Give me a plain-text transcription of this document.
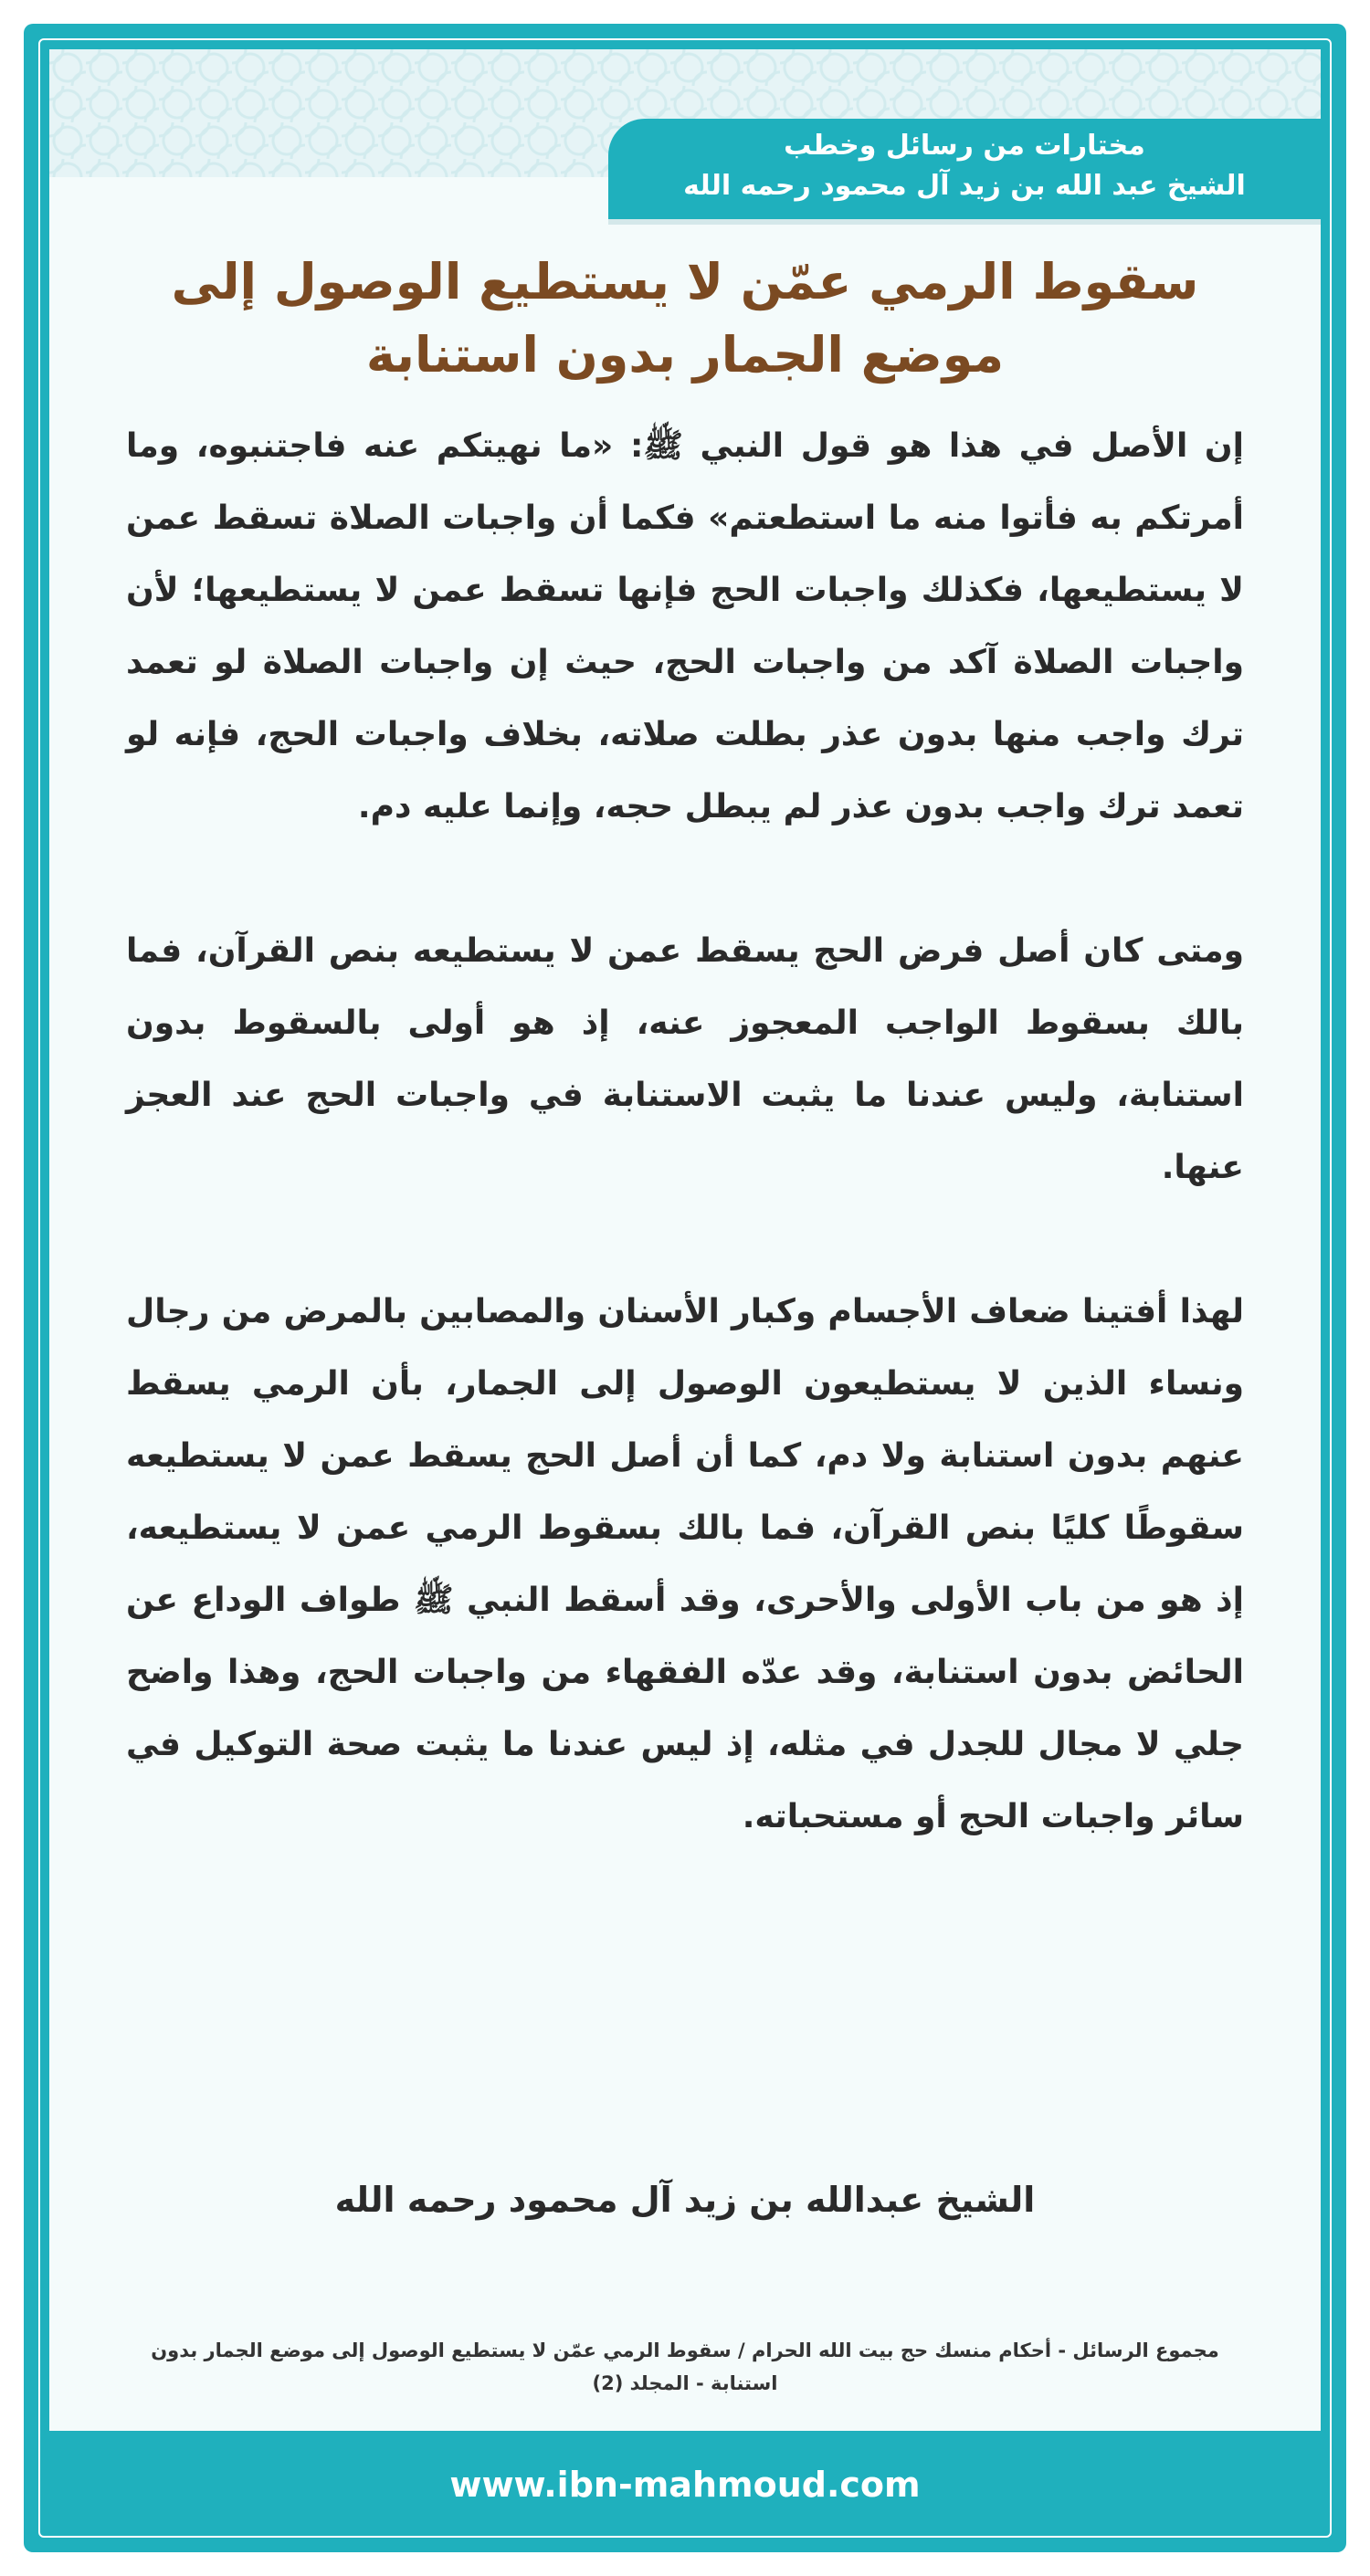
مختارات من رسائل وخطب
الشيخ عبد الله بن زيد آل محمود رحمه الله
سقوط الرمي عمّن لا يستطيع الوصول إلى موضع الجمار بدون استنابة

إن الأصل في هذا هو قول النبي ﷺ: «ما نهيتكم عنه فاجتنبوه، وما أمرتكم به فأتوا منه ما استطعتم» فكما أن واجبات الصلاة تسقط عمن لا يستطيعها، فكذلك واجبات الحج فإنها تسقط عمن لا يستطيعها؛ لأن واجبات الصلاة آكد من واجبات الحج، حيث إن واجبات الصلاة لو تعمد ترك واجب منها بدون عذر بطلت صلاته، بخلاف واجبات الحج، فإنه لو تعمد ترك واجب بدون عذر لم يبطل حجه، وإنما عليه دم.

ومتى كان أصل فرض الحج يسقط عمن لا يستطيعه بنص القرآن، فما بالك بسقوط الواجب المعجوز عنه، إذ هو أولى بالسقوط بدون استنابة، وليس عندنا ما يثبت الاستنابة في واجبات الحج عند العجز عنها.

لهذا أفتينا ضعاف الأجسام وكبار الأسنان والمصابين بالمرض من رجال ونساء الذين لا يستطيعون الوصول إلى الجمار، بأن الرمي يسقط عنهم بدون استنابة ولا دم، كما أن أصل الحج يسقط عمن لا يستطيعه سقوطًا كليًا بنص القرآن، فما بالك بسقوط الرمي عمن لا يستطيعه، إذ هو من باب الأولى والأحرى، وقد أسقط النبي ﷺ طواف الوداع عن الحائض بدون استنابة، وقد عدّه الفقهاء من واجبات الحج، وهذا واضح جلي لا مجال للجدل في مثله، إذ ليس عندنا ما يثبت صحة التوكيل في سائر واجبات الحج أو مستحباته.

الشيخ عبدالله بن زيد آل محمود رحمه الله
مجموع الرسائل - أحكام منسك حج بيت الله الحرام / سقوط الرمي عمّن لا يستطيع الوصول إلى موضع الجمار بدون استنابة - المجلد (2)
www.ibn-mahmoud.com
